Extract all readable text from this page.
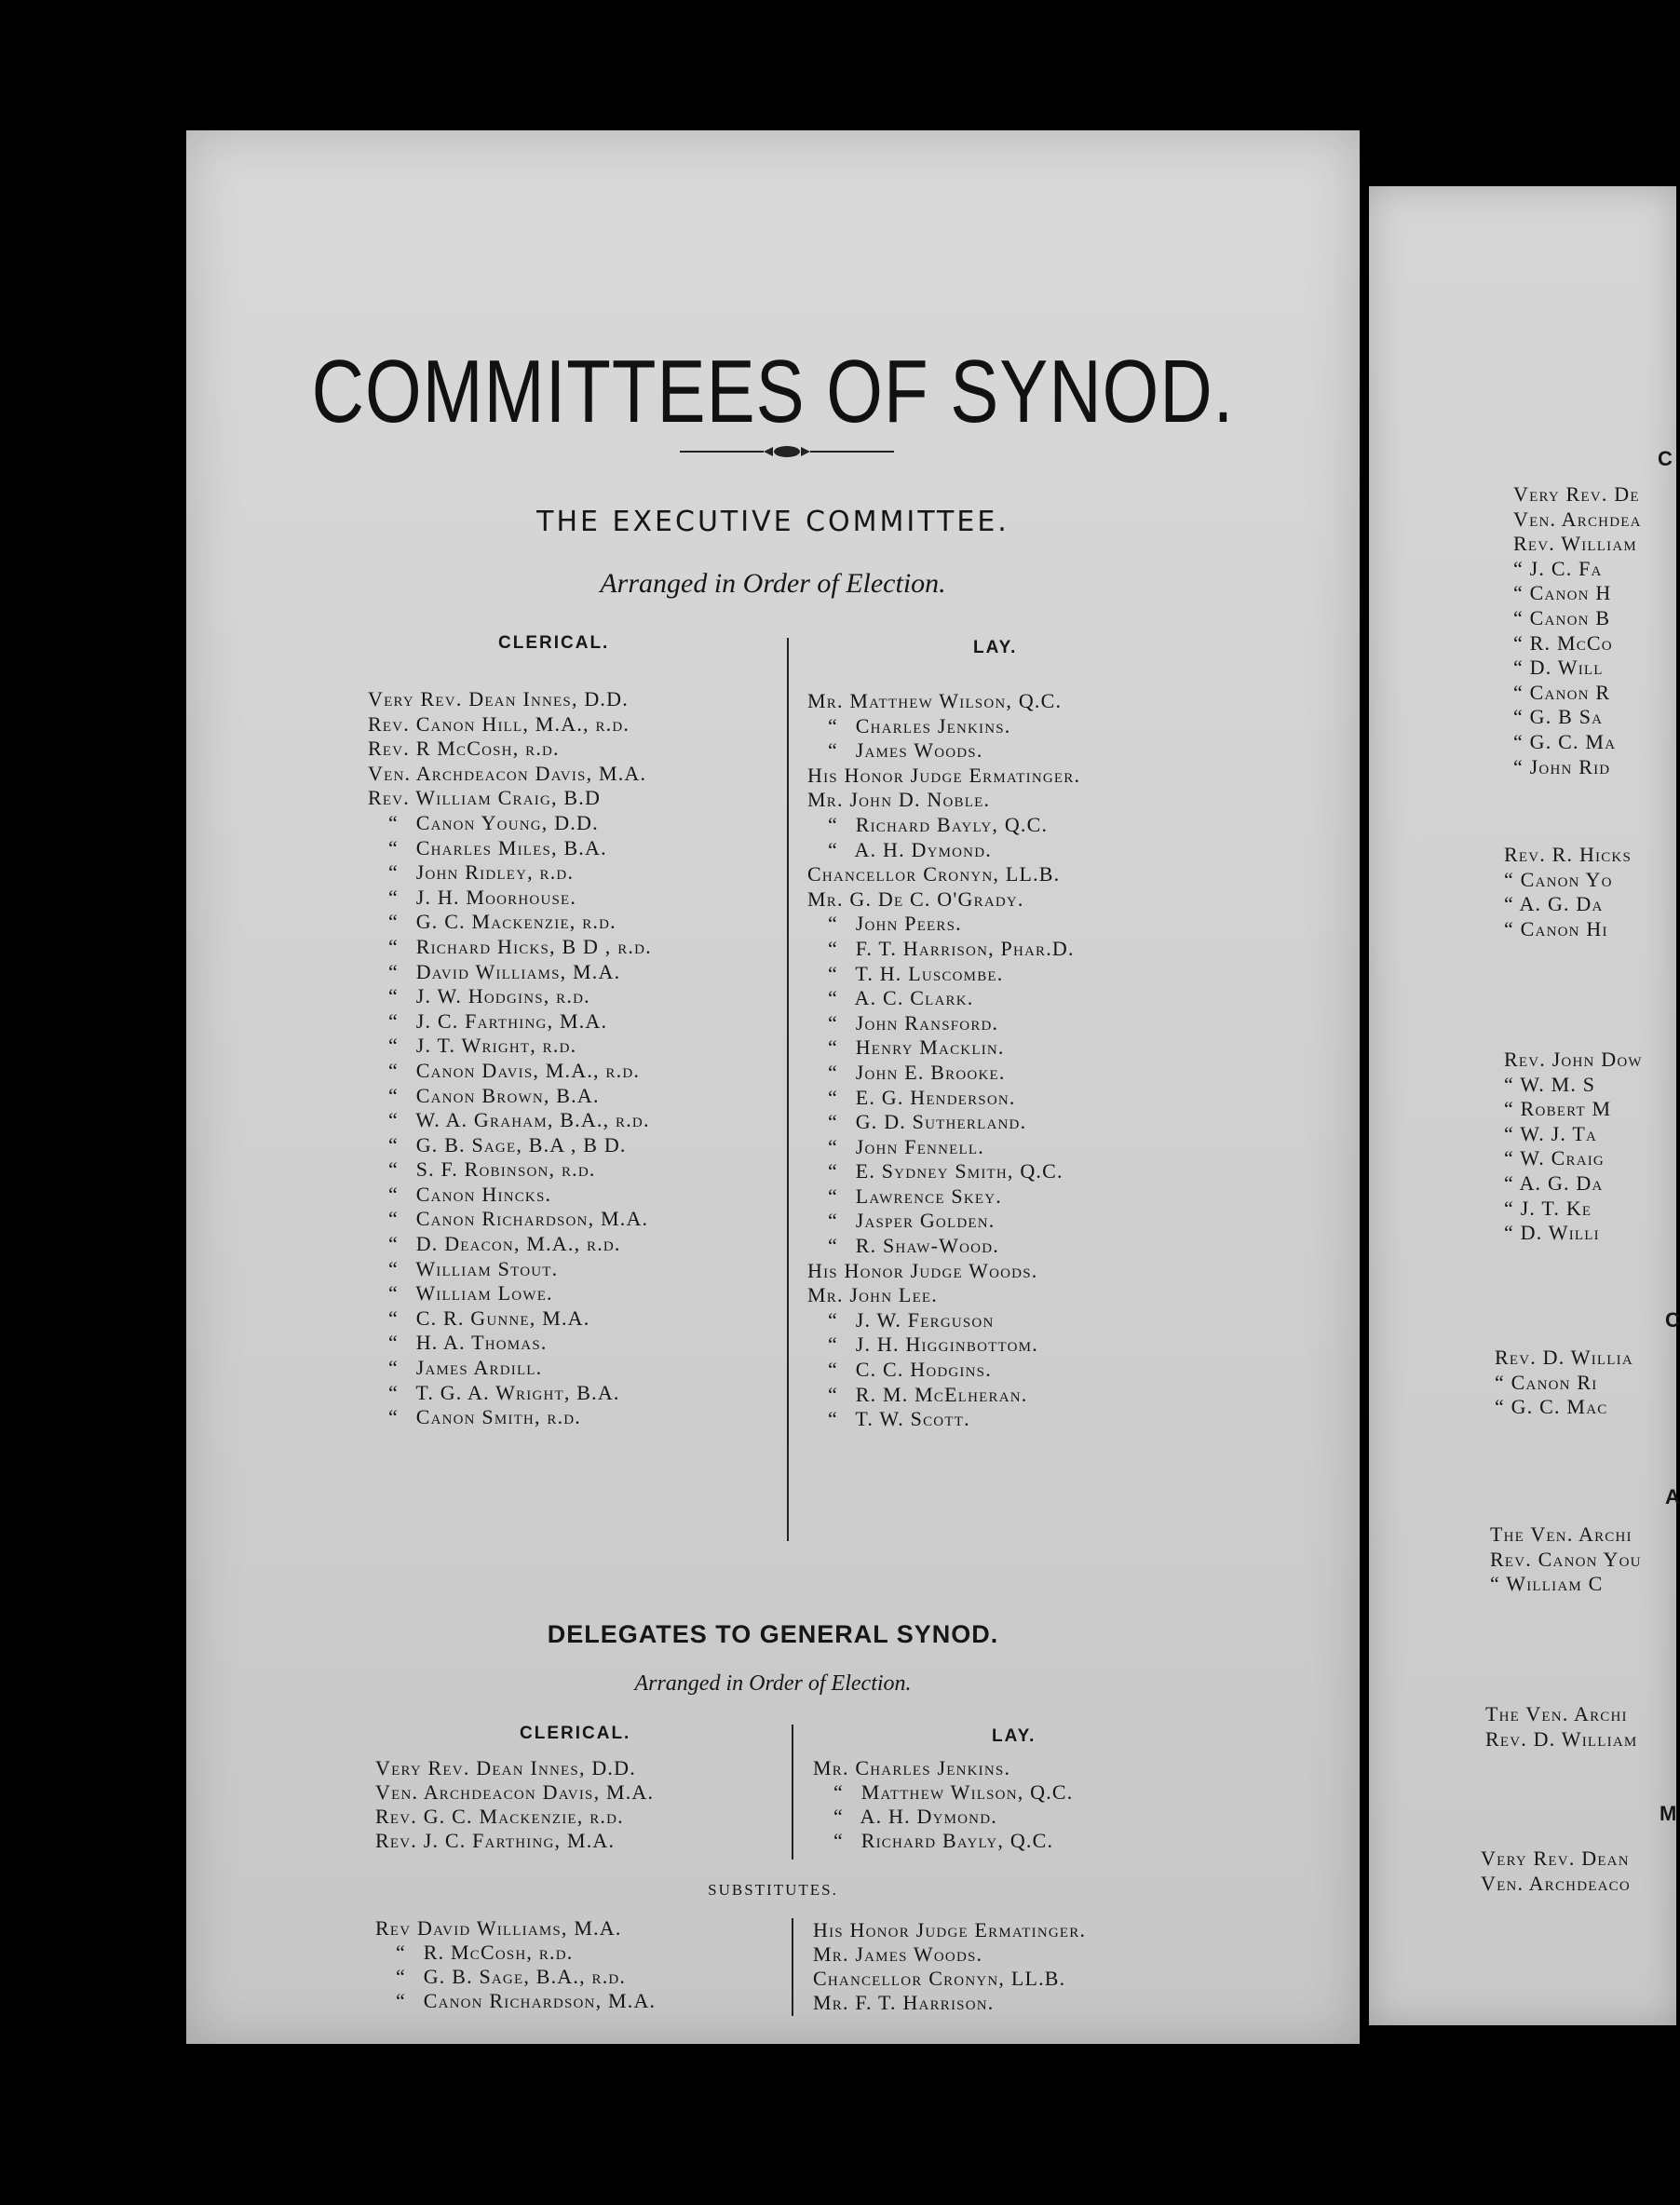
COMMITTEES OF SYNOD.
THE EXECUTIVE COMMITTEE.
Arranged in Order of Election.
CLERICAL.	LAY.
Very Rev. Dean Innes, D.D.
Rev. Canon Hill, M.A., r.d.
Rev. R McCosh, r.d.
Ven. Archdeacon Davis, M.A.
Rev. William Craig, B.D
“ Canon Young, D.D.
“ Charles Miles, B.A.
“ John Ridley, r.d.
“ J. H. Moorhouse.
“ G. C. Mackenzie, r.d.
“ Richard Hicks, B D , r.d.
“ David Williams, M.A.
“ J. W. Hodgins, r.d.
“ J. C. Farthing, M.A.
“ J. T. Wright, r.d.
“ Canon Davis, M.A., r.d.
“ Canon Brown, B.A.
“ W. A. Graham, B.A., r.d.
“ G. B. Sage, B.A , B D.
“ S. F. Robinson, r.d.
“ Canon Hincks.
“ Canon Richardson, M.A.
“ D. Deacon, M.A., r.d.
“ William Stout.
“ William Lowe.
“ C. R. Gunne, M.A.
“ H. A. Thomas.
“ James Ardill.
“ T. G. A. Wright, B.A.
“ Canon Smith, r.d.
Mr. Matthew Wilson, Q.C.
“ Charles Jenkins.
“ James Woods.
His Honor Judge Ermatinger.
Mr. John D. Noble.
“ Richard Bayly, Q.C.
“ A. H. Dymond.
Chancellor Cronyn, LL.B.
Mr. G. De C. O'Grady.
“ John Peers.
“ F. T. Harrison, Phar.D.
“ T. H. Luscombe.
“ A. C. Clark.
“ John Ransford.
“ Henry Macklin.
“ John E. Brooke.
“ E. G. Henderson.
“ G. D. Sutherland.
“ John Fennell.
“ E. Sydney Smith, Q.C.
“ Lawrence Skey.
“ Jasper Golden.
“ R. Shaw-Wood.
His Honor Judge Woods.
Mr. John Lee.
“ J. W. Ferguson
“ J. H. Higginbottom.
“ C. C. Hodgins.
“ R. M. McElheran.
“ T. W. Scott.
DELEGATES TO GENERAL SYNOD.
Arranged in Order of Election.
CLERICAL.	LAY.
Very Rev. Dean Innes, D.D.
Ven. Archdeacon Davis, M.A.
Rev. G. C. Mackenzie, r.d.
Rev. J. C. Farthing, M.A.
Mr. Charles Jenkins.
“ Matthew Wilson, Q.C.
“ A. H. Dymond.
“ Richard Bayly, Q.C.
SUBSTITUTES.
Rev David Williams, M.A.
“ R. McCosh, r.d.
“ G. B. Sage, B.A., r.d.
“ Canon Richardson, M.A.
His Honor Judge Ermatinger.
Mr. James Woods.
Chancellor Cronyn, LL.B.
Mr. F. T. Harrison.
C
Very Rev. De
Ven. Archdea
Rev. William
“ J. C. Fa
“ Canon H
“ Canon B
“ R. McCo
“ D. Will
“ Canon R
“ G. B Sa
“ G. C. Ma
“ John Rid
Rev. R. Hicks
“ Canon Yo
“ A. G. Da
“ Canon Hi
Rev. John Dow
“ W. M. S
“ Robert M
“ W. J. Ta
“ W. Craig
“ A. G. Da
“ J. T. Ke
“ D. Willi
C
Rev. D. Willia
“ Canon Ri
“ G. C. Mac
A
The Ven. Archi
Rev. Canon You
“ William C
The Ven. Archi
Rev. D. William
M
Very Rev. Dean
Ven. Archdeaco
